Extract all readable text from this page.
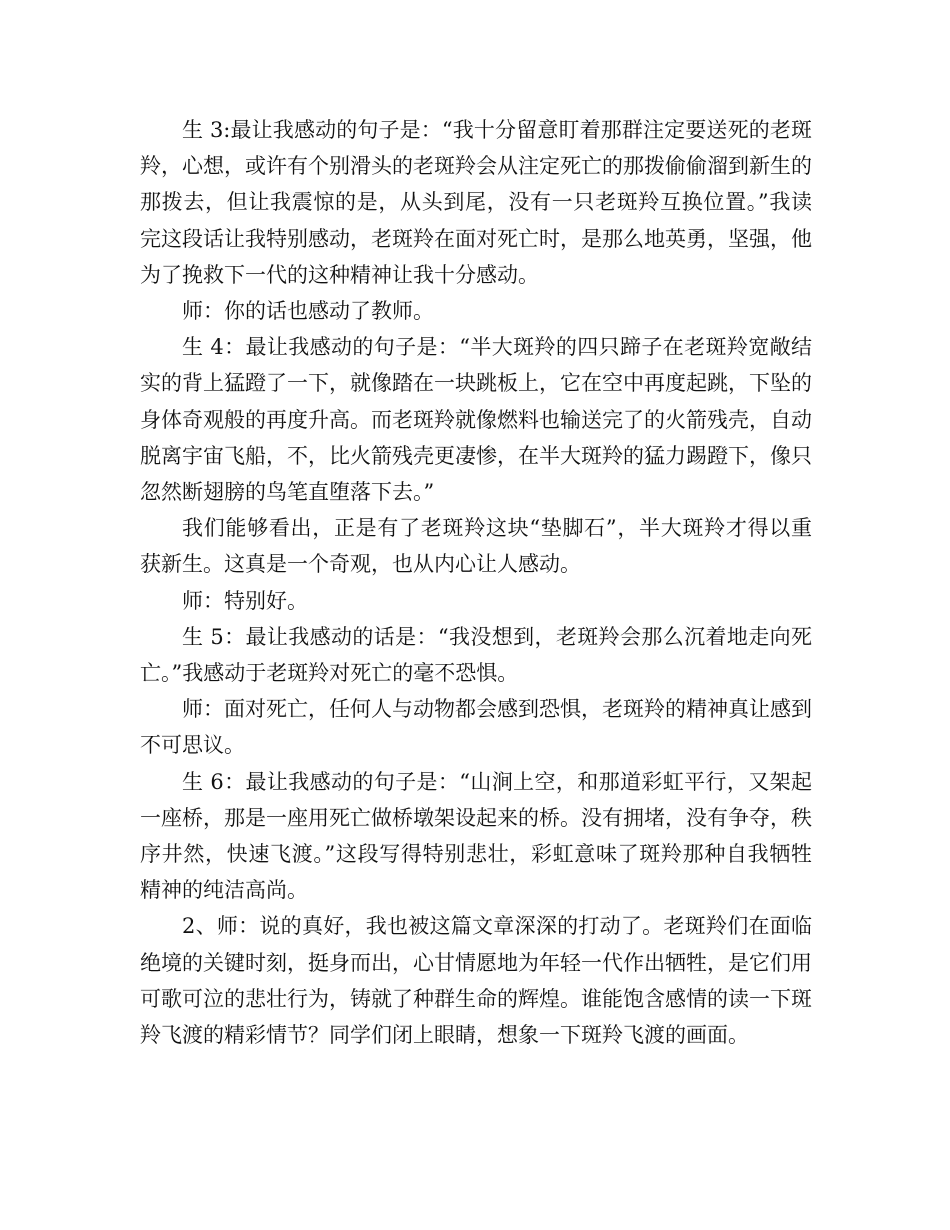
生 3:最让我感动的句子是：“我十分留意盯着那群注定要送死的老斑羚，心想，或许有个别滑头的老斑羚会从注定死亡的那拨偷偷溜到新生的那拨去，但让我震惊的是，从头到尾，没有一只老斑羚互换位置。”我读完这段话让我特别感动，老斑羚在面对死亡时，是那么地英勇，坚强，他为了挽救下一代的这种精神让我十分感动。

师：你的话也感动了教师。

生 4：最让我感动的句子是：“半大斑羚的四只蹄子在老斑羚宽敞结实的背上猛蹬了一下，就像踏在一块跳板上，它在空中再度起跳，下坠的身体奇观般的再度升高。而老斑羚就像燃料也输送完了的火箭残壳，自动脱离宇宙飞船，不，比火箭残壳更凄惨，在半大斑羚的猛力踢蹬下，像只忽然断翅膀的鸟笔直堕落下去。”

我们能够看出，正是有了老斑羚这块“垫脚石”，半大斑羚才得以重获新生。这真是一个奇观，也从内心让人感动。

师：特别好。

生 5：最让我感动的话是：“我没想到，老斑羚会那么沉着地走向死亡。”我感动于老斑羚对死亡的毫不恐惧。

师：面对死亡，任何人与动物都会感到恐惧，老斑羚的精神真让感到不可思议。

生 6：最让我感动的句子是：“山涧上空，和那道彩虹平行，又架起一座桥，那是一座用死亡做桥墩架设起来的桥。没有拥堵，没有争夺，秩序井然，快速飞渡。”这段写得特别悲壮，彩虹意味了斑羚那种自我牺牲精神的纯洁高尚。

2、师：说的真好，我也被这篇文章深深的打动了。老斑羚们在面临绝境的关键时刻，挺身而出，心甘情愿地为年轻一代作出牺牲，是它们用可歌可泣的悲壮行为，铸就了种群生命的辉煌。谁能饱含感情的读一下斑羚飞渡的精彩情节？同学们闭上眼睛，想象一下斑羚飞渡的画面。
